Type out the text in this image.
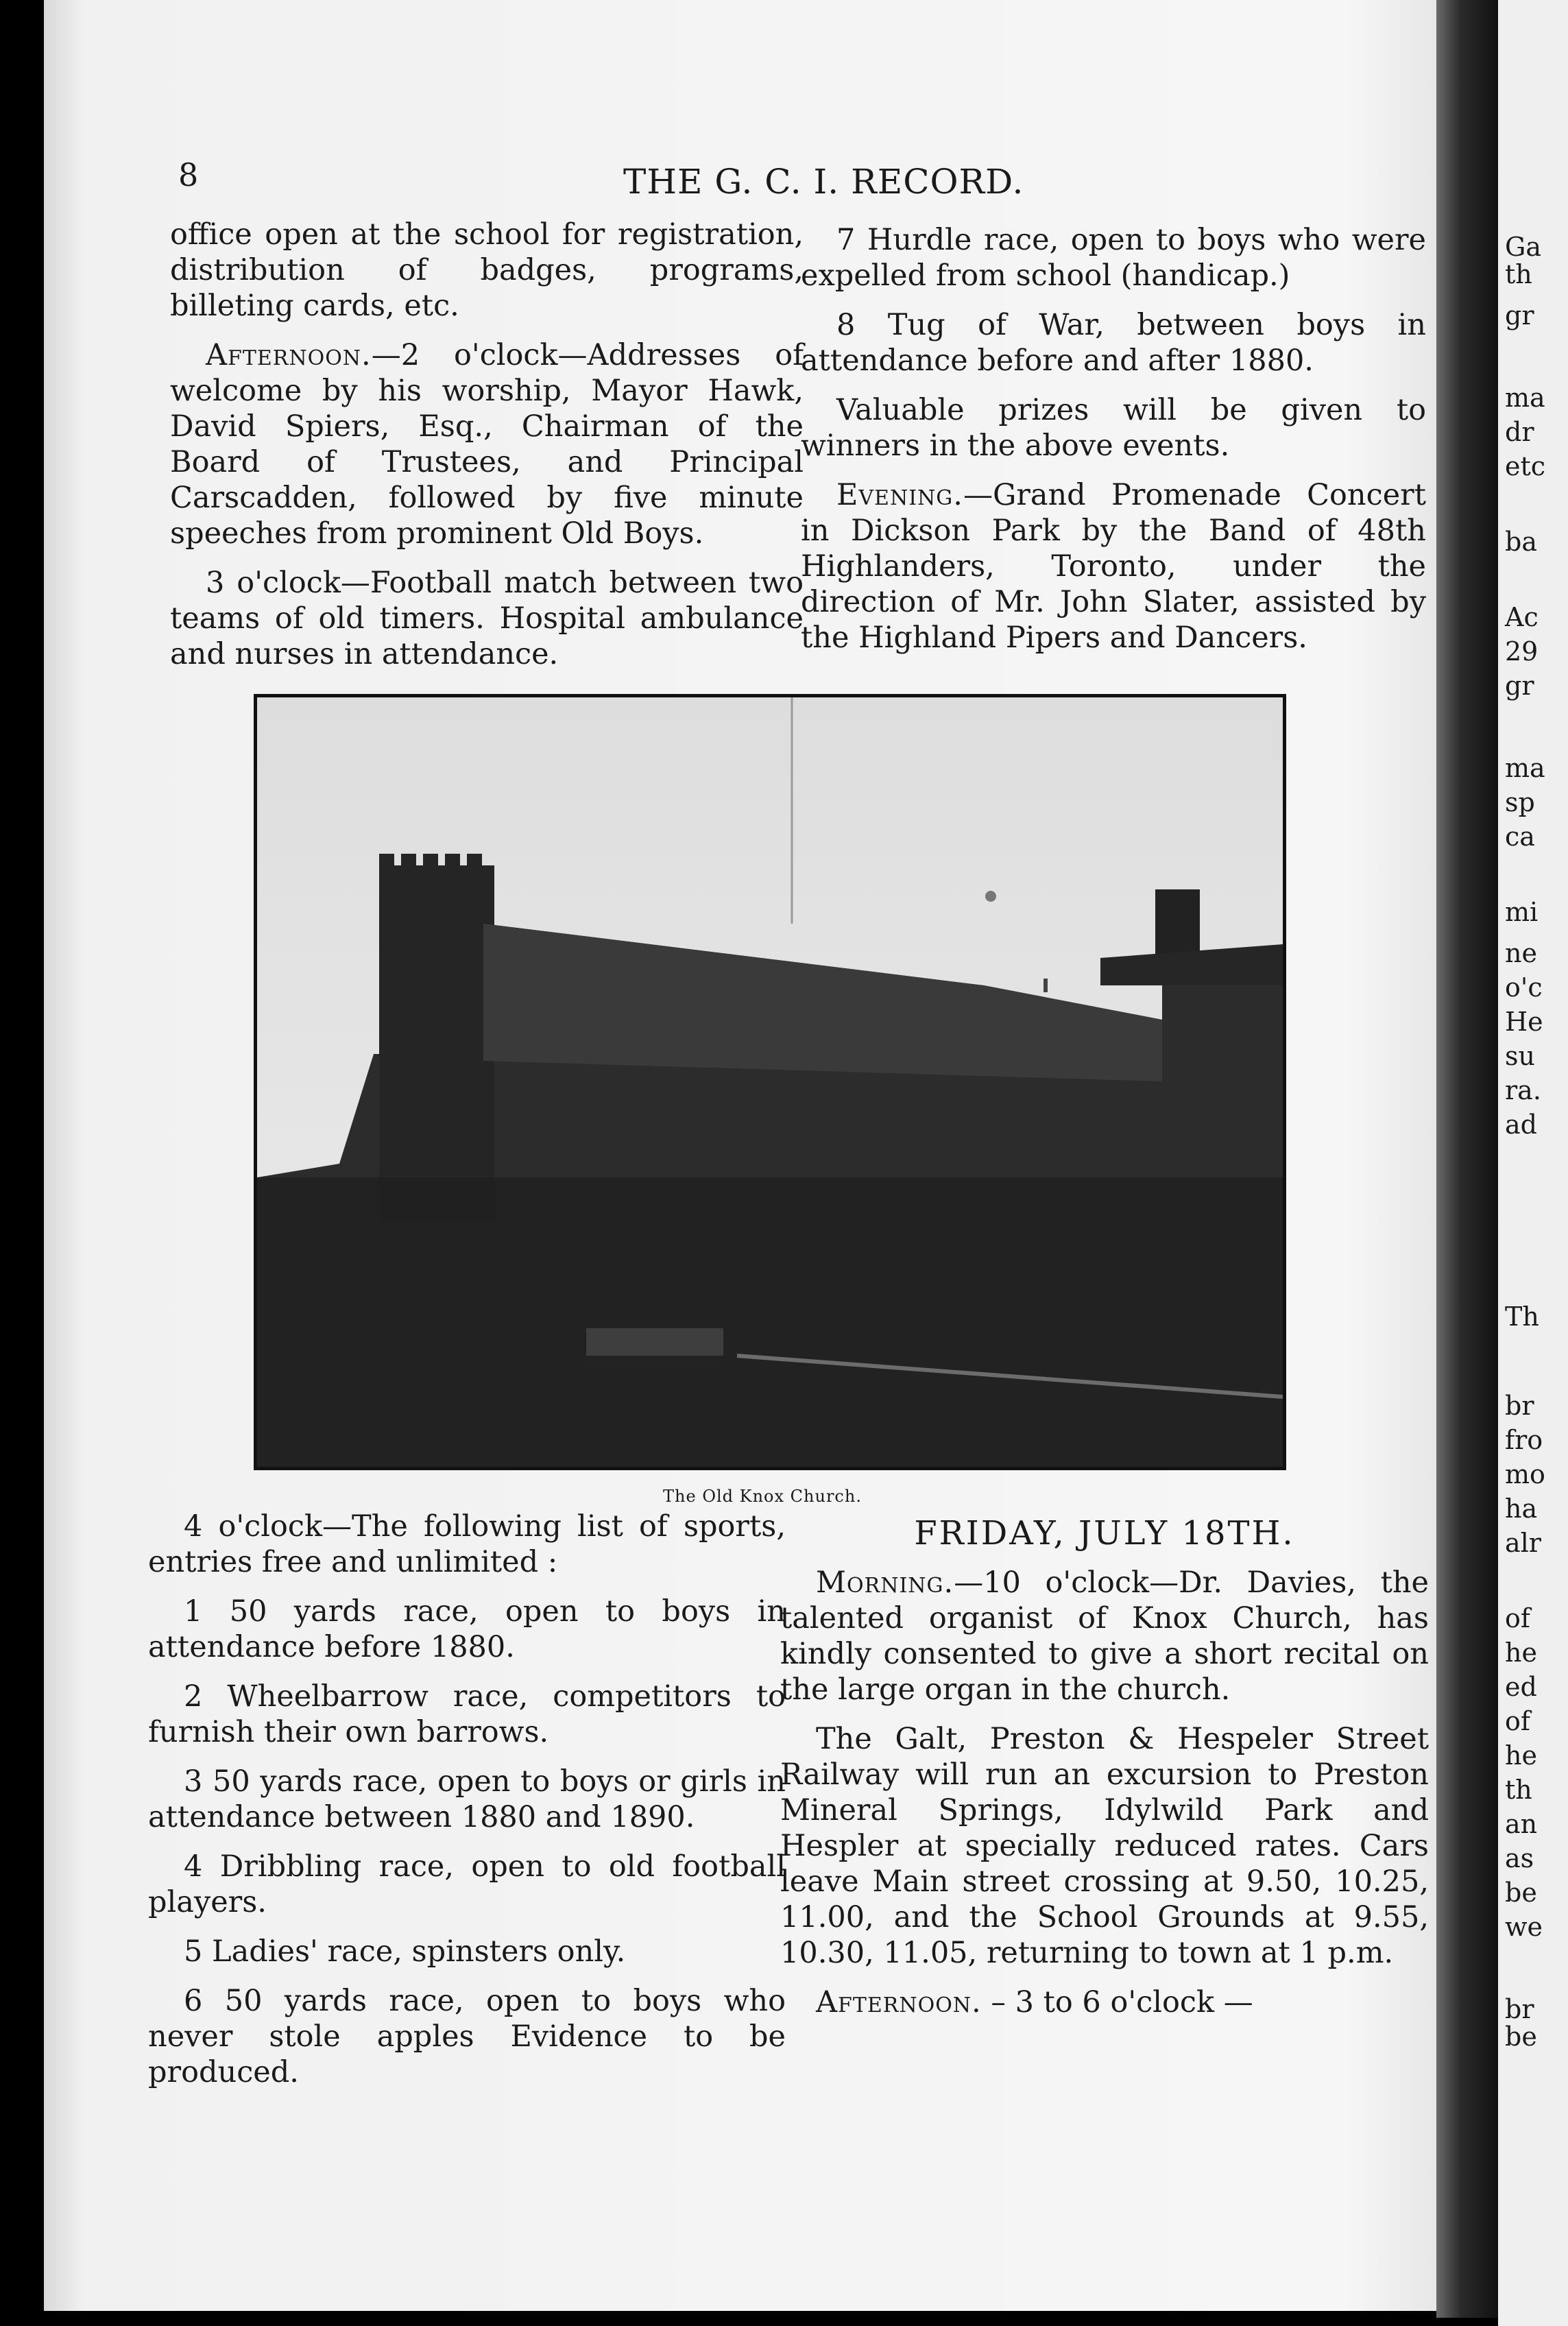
8	THE G. C. I. RECORD.

office open at the school for registration, distribution of badges, programs, billeting cards, etc.

Afternoon.—2 o'clock—Addresses of welcome by his worship, Mayor Hawk, David Spiers, Esq., Chairman of the Board of Trustees, and Principal Carscadden, followed by five minute speeches from prominent Old Boys.

3 o'clock—Football match between two teams of old timers. Hospital ambulance and nurses in attendance.

7 Hurdle race, open to boys who were expelled from school (handicap.)

8 Tug of War, between boys in attendance before and after 1880.

Valuable prizes will be given to winners in the above events.

Evening.—Grand Promenade Concert in Dickson Park by the Band of 48th Highlanders, Toronto, under the direction of Mr. John Slater, assisted by the Highland Pipers and Dancers.

The Old Knox Church.

4 o'clock—The following list of sports, entries free and unlimited :

1 50 yards race, open to boys in attendance before 1880.

2 Wheelbarrow race, competitors to furnish their own barrows.

3 50 yards race, open to boys or girls in attendance between 1880 and 1890.

4 Dribbling race, open to old football players.

5 Ladies' race, spinsters only.

6 50 yards race, open to boys who never stole apples Evidence to be produced.

FRIDAY, JULY 18TH.

Morning.—10 o'clock—Dr. Davies, the talented organist of Knox Church, has kindly consented to give a short recital on the large organ in the church.

The Galt, Preston & Hespeler Street Railway will run an excursion to Preston Mineral Springs, Idylwild Park and Hespler at specially reduced rates. Cars leave Main street crossing at 9.50, 10.25, 11.00, and the School Grounds at 9.55, 10.30, 11.05, returning to town at 1 p.m.

Afternoon. – 3 to 6 o'clock —

Ga
th
gr
ma
dr
etc
ba
Ac
29
gr
ma
sp
ca
mi
ne
o'c
He
su
ra.
ad
Th
br
fro
mo
ha
alr
of
he
ed
of
he
th
an
as
be
we
br
be
